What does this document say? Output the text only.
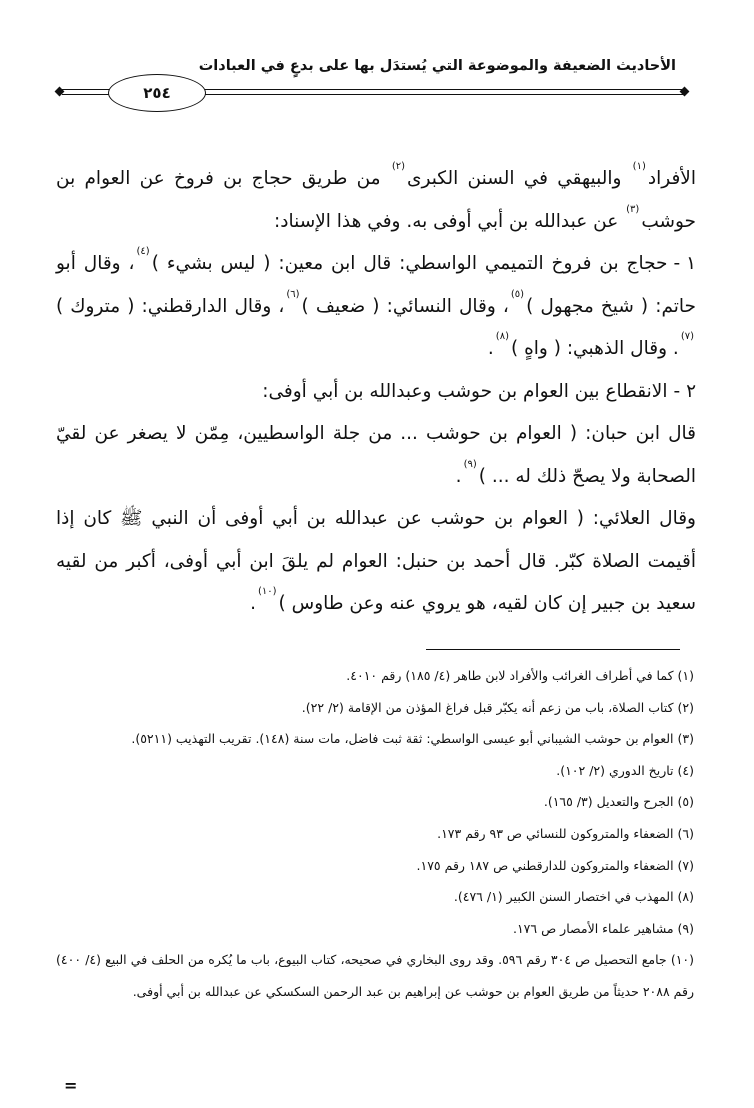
الأحاديث الضعيفة والموضوعة التي يُستدَل بها على بدعٍ في العبادات
٢٥٤

الأفراد$^{(١)}$ والبيهقي في السنن الكبرى$^{(٢)}$ من طريق حجاج بن فروخ عن العوام بن حوشب$^{(٣)}$ عن عبدالله بن أبي أوفى به. وفي هذا الإسناد:

١ -حجاج بن فروخ التميمي الواسطي: قال ابن معين: ( ليس بشيء )$^{(٤)}$، وقال أبو حاتم: ( شيخ مجهول )$^{(٥)}$، وقال النسائي: ( ضعيف )$^{(٦)}$، وقال الدارقطني: ( متروك )$^{(٧)}$. وقال الذهبي: ( واهٍ )$^{(٨)}$.

٢ -الانقطاع بين العوام بن حوشب وعبدالله بن أبي أوفى:

قال ابن حبان: ( العوام بن حوشب ... من جلة الواسطيين، مِمّن لا يصغر عن لقيّ الصحابة ولا يصحّ ذلك له ... )$^{(٩)}$.

وقال العلائي: ( العوام بن حوشب عن عبدالله بن أبي أوفى أن النبي ﷺ كان إذا أقيمت الصلاة كبّر. قال أحمد بن حنبل: العوام لم يلقَ ابن أبي أوفى، أكبر من لقيه سعيد بن جبير إن كان لقيه، هو يروي عنه وعن طاوس )$^{(١٠)}$.

(١) كما في أطراف الغرائب والأفراد لابن طاهر (٤/ ١٨٥) رقم ٤٠١٠.

(٢) كتاب الصلاة، باب من زعم أنه يكبّر قبل فراغ المؤذن من الإقامة (٢/ ٢٢).

(٣) العوام بن حوشب الشيباني أبو عيسى الواسطي: ثقة ثبت فاضل، مات سنة (١٤٨). تقريب التهذيب (٥٢١١).

(٤) تاريخ الدوري (٢/ ١٠٢).

(٥) الجرح والتعديل (٣/ ١٦٥).

(٦) الضعفاء والمتروكون للنسائي ص ٩٣ رقم ١٧٣.

(٧) الضعفاء والمتروكون للدارقطني ص ١٨٧ رقم ١٧٥.

(٨) المهذب في اختصار السنن الكبير (١/ ٤٧٦).

(٩) مشاهير علماء الأمصار ص ١٧٦.

(١٠) جامع التحصيل ص ٣٠٤ رقم ٥٩٦. وقد روى البخاري في صحيحه، كتاب البيوع، باب ما يُكره من الحلف في البيع (٤/ ٤٠٠) رقم ٢٠٨٨ حديثاً من طريق العوام بن حوشب عن إبراهيم بن عبد الرحمن السكسكي عن عبدالله بن أبي أوفى.

=
